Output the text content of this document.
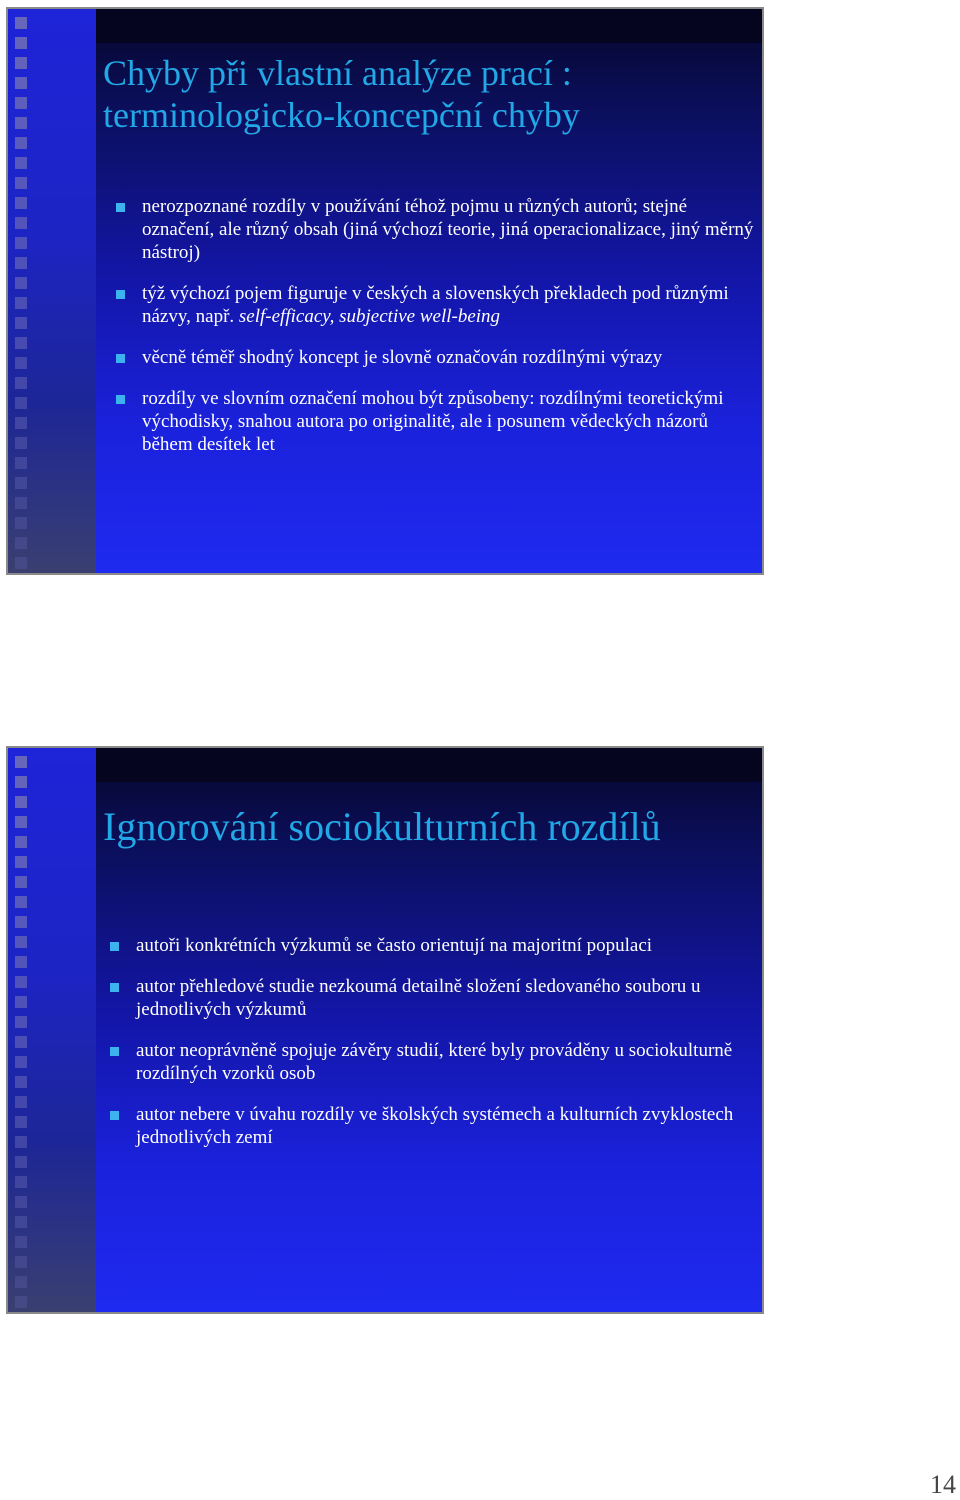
Chyby při vlastní analýze prací :
terminologicko-koncepční chyby
nerozpoznané rozdíly v používání téhož pojmu u různých autorů; stejné označení, ale různý obsah (jiná výchozí teorie, jiná operacionalizace, jiný měrný nástroj)
týž výchozí pojem figuruje v českých a slovenských překladech pod různými názvy, např. self-efficacy, subjective well-being
věcně téměř shodný koncept je slovně označován rozdílnými výrazy
rozdíly ve slovním označení mohou být způsobeny: rozdílnými teoretickými východisky, snahou autora po originalitě, ale i posunem vědeckých názorů během desítek let
Ignorování sociokulturních rozdílů
autoři konkrétních výzkumů se často orientují na majoritní populaci
autor přehledové studie nezkoumá detailně složení sledovaného souboru u jednotlivých výzkumů
autor neoprávněně spojuje závěry studií, které byly prováděny u sociokulturně rozdílných vzorků osob
autor nebere v úvahu rozdíly ve školských systémech a kulturních zvyklostech jednotlivých zemí
14
